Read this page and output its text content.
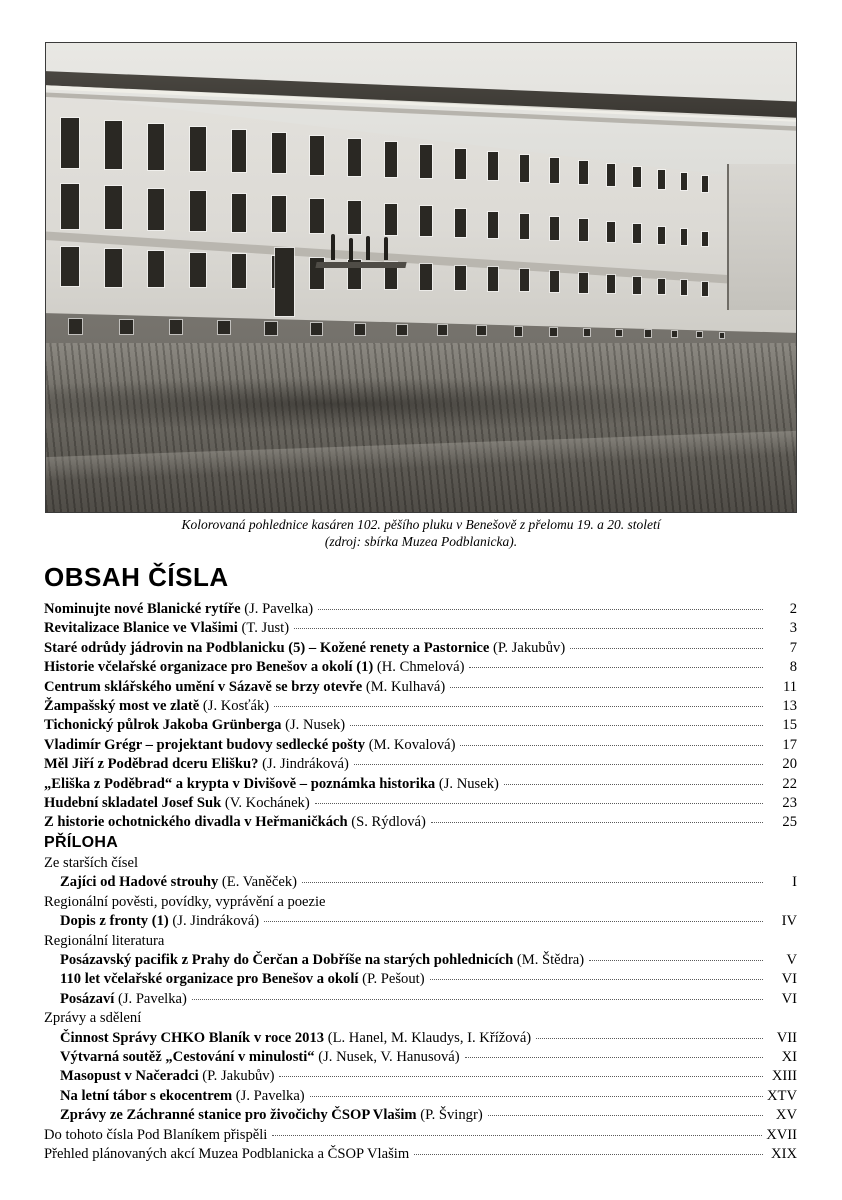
Kolorovaná pohlednice kasáren 102. pěšího pluku v Benešově z přelomu 19. a 20. století
(zdroj: sbírka Muzea Podblanicka).
OBSAH ČÍSLA
Nominujte nové Blanické rytíře (J. Pavelka)	2
Revitalizace Blanice ve Vlašimi (T. Just)	3
Staré odrůdy jádrovin na Podblanicku (5) – Kožené renety a Pastornice (P. Jakubův)	7
Historie včelařské organizace pro Benešov a okolí (1) (H. Chmelová)	8
Centrum sklářského umění v Sázavě se brzy otevře (M. Kulhavá)	11
Žampašský most ve zlatě (J. Kosťák)	13
Tichonický půlrok Jakoba Grünberga (J. Nusek)	15
Vladimír Grégr – projektant budovy sedlecké pošty (M. Kovalová)	17
Měl Jiří z Poděbrad dceru Elišku? (J. Jindráková)	20
„Eliška z Poděbrad“ a krypta v Divišově – poznámka historika (J. Nusek)	22
Hudební skladatel Josef Suk (V. Kochánek)	23
Z historie ochotnického divadla v Heřmaničkách (S. Rýdlová)	25
PŘÍLOHA
Ze starších čísel
Zajíci od Hadové strouhy (E. Vaněček)	I
Regionální pověsti, povídky, vyprávění a poezie
Dopis z fronty (1) (J. Jindráková)	IV
Regionální literatura
Posázavský pacifik z Prahy do Čerčan a Dobříše na starých pohlednicích (M. Štědra)	V
110 let včelařské organizace pro Benešov a okolí (P. Pešout)	VI
Posázaví (J. Pavelka)	VI
Zprávy a sdělení
Činnost Správy CHKO Blaník v roce 2013 (L. Hanel, M. Klaudys, I. Křížová)	VII
Výtvarná soutěž „Cestování v minulosti“ (J. Nusek, V. Hanusová)	XI
Masopust v Načeradci (P. Jakubův)	XIII
Na letní tábor s ekocentrem (J. Pavelka)	XTV
Zprávy ze Záchranné stanice pro živočichy ČSOP Vlašim (P. Švingr)	XV
Do tohoto čísla Pod Blaníkem přispěli	XVII
Přehled plánovaných akcí Muzea Podblanicka a ČSOP Vlašim	XIX
